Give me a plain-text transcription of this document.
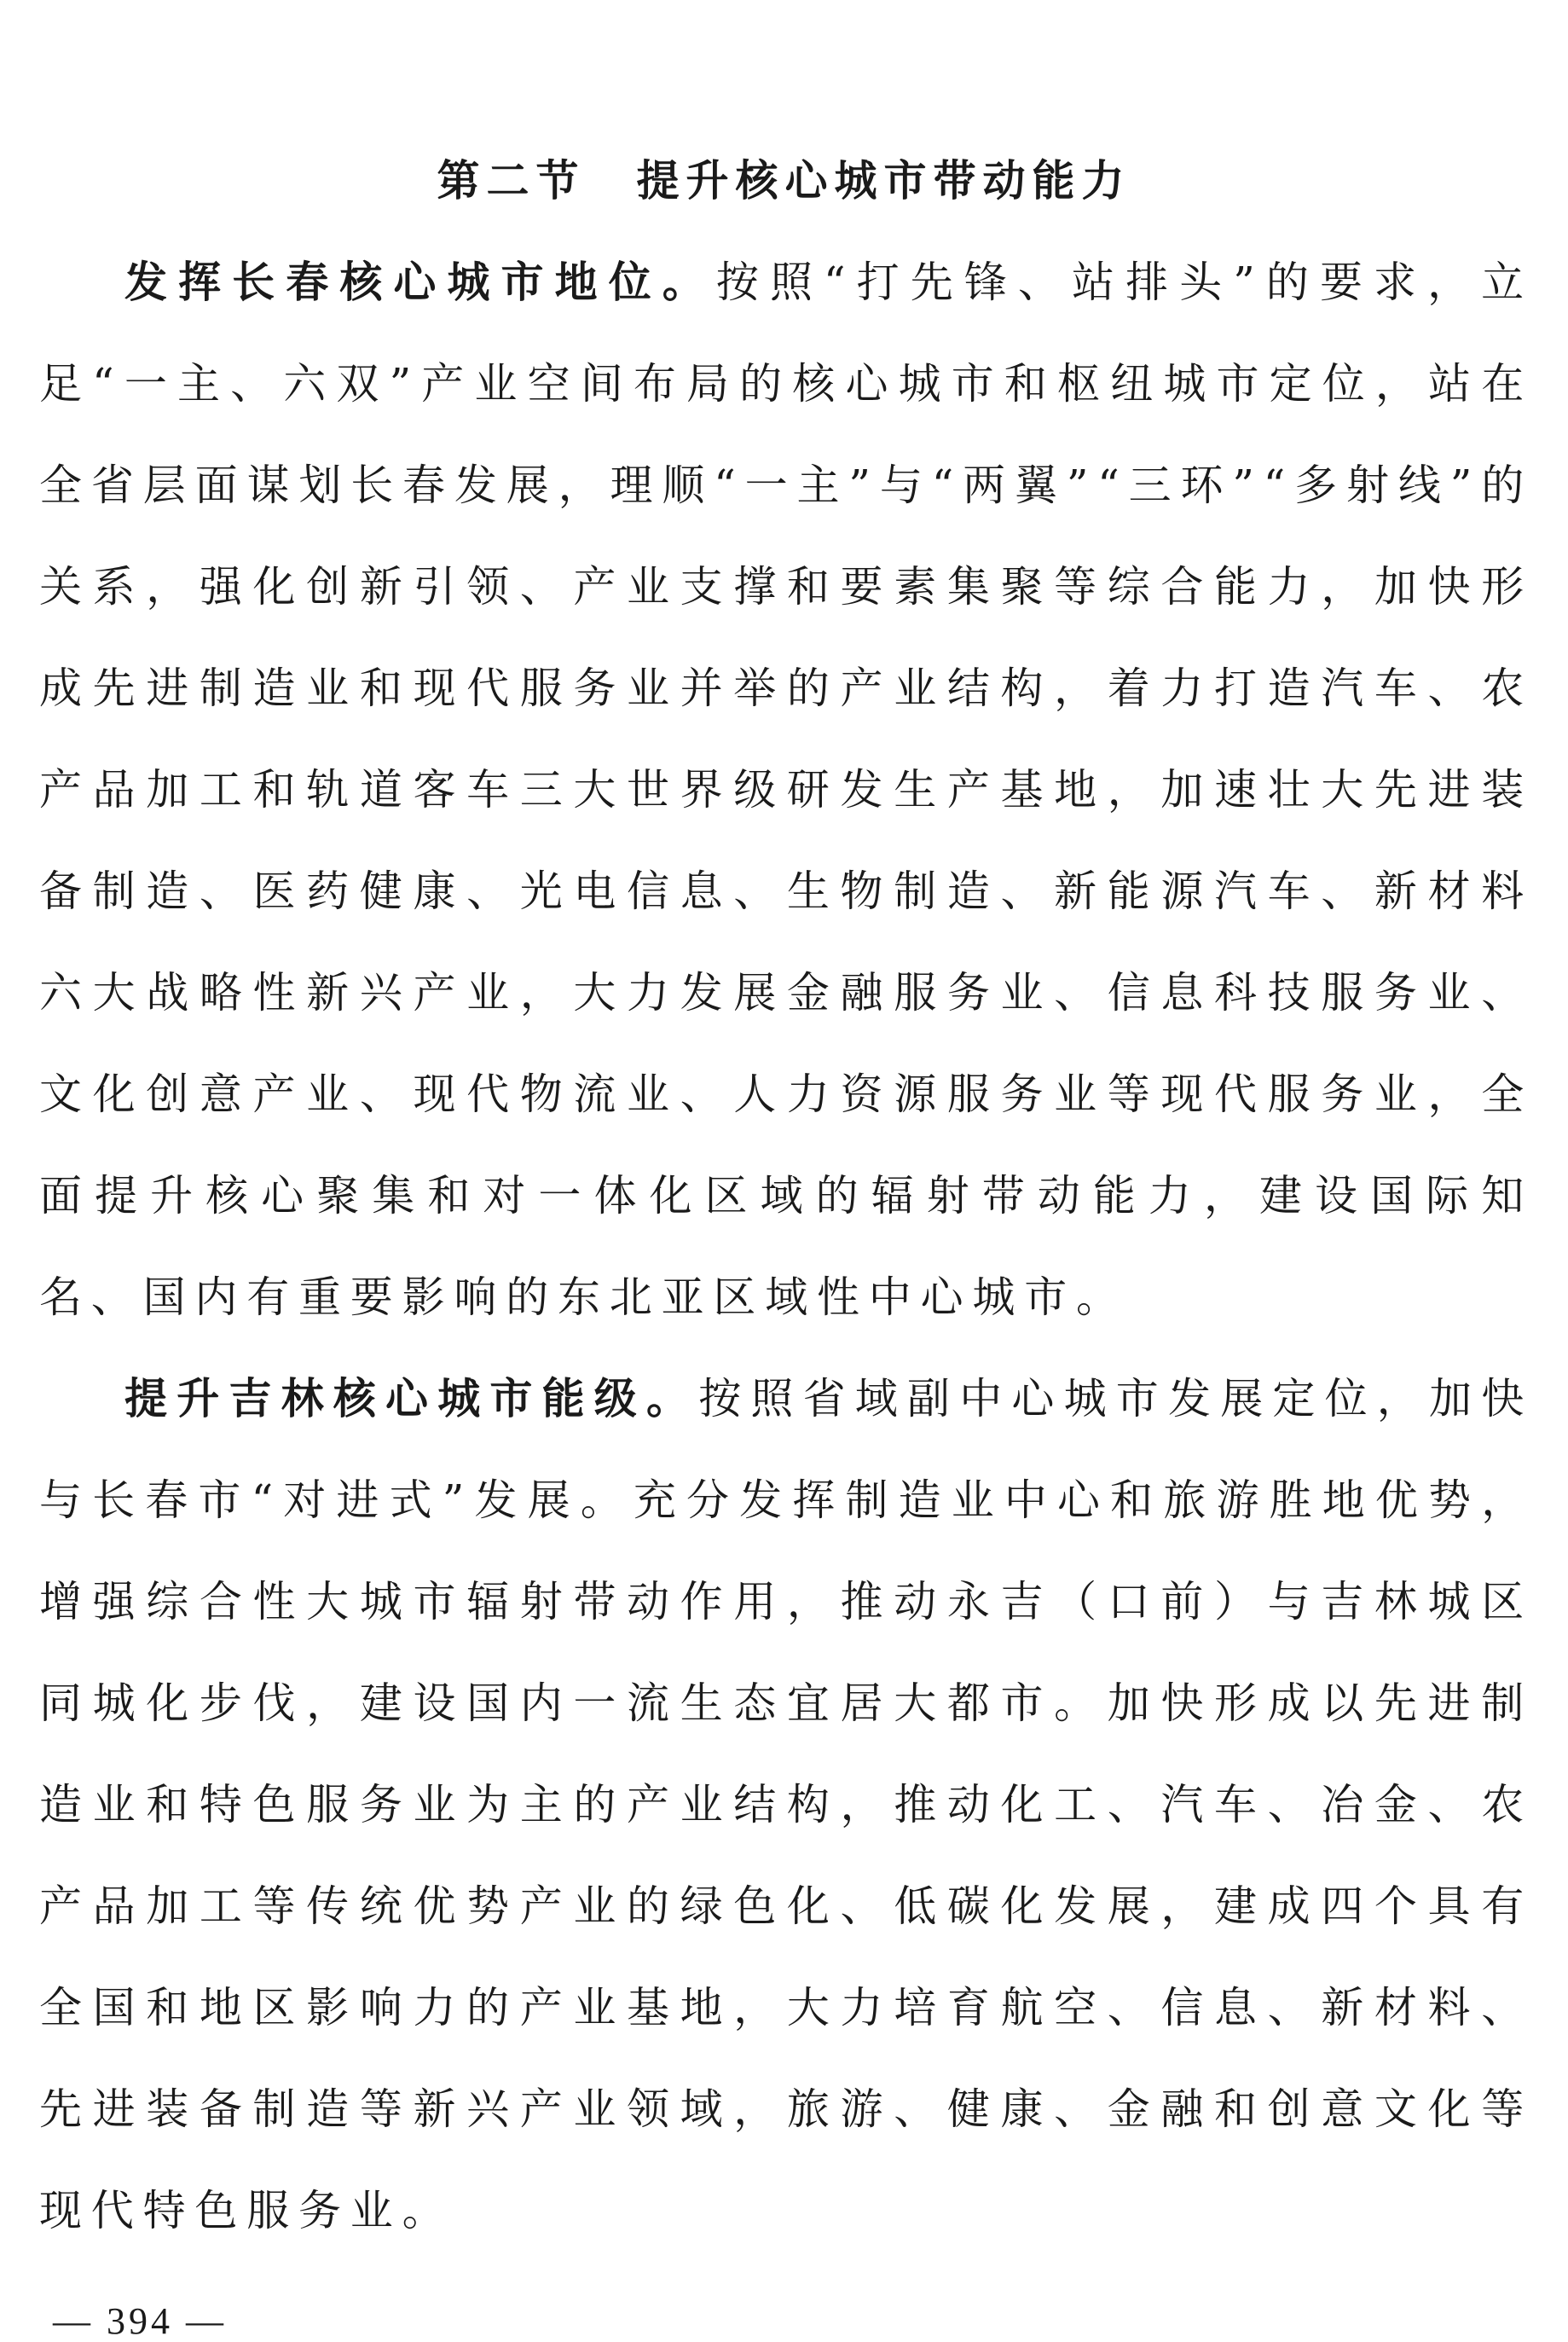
第二节 提升核心城市带动能力

发挥长春核心城市地位。按照“打先锋、站排头”的要求，立足“一主、六双”产业空间布局的核心城市和枢纽城市定位，站在全省层面谋划长春发展，理顺“一主”与“两翼”“三环”“多射线”的关系，强化创新引领、产业支撑和要素集聚等综合能力，加快形成先进制造业和现代服务业并举的产业结构，着力打造汽车、农产品加工和轨道客车三大世界级研发生产基地，加速壮大先进装备制造、医药健康、光电信息、生物制造、新能源汽车、新材料六大战略性新兴产业，大力发展金融服务业、信息科技服务业、文化创意产业、现代物流业、人力资源服务业等现代服务业，全面提升核心聚集和对一体化区域的辐射带动能力，建设国际知名、国内有重要影响的东北亚区域性中心城市。

提升吉林核心城市能级。按照省域副中心城市发展定位，加快与长春市“对进式”发展。充分发挥制造业中心和旅游胜地优势，增强综合性大城市辐射带动作用，推动永吉（口前）与吉林城区同城化步伐，建设国内一流生态宜居大都市。加快形成以先进制造业和特色服务业为主的产业结构，推动化工、汽车、冶金、农产品加工等传统优势产业的绿色化、低碳化发展，建成四个具有全国和地区影响力的产业基地，大力培育航空、信息、新材料、先进装备制造等新兴产业领域，旅游、健康、金融和创意文化等现代特色服务业。

— 394 —
